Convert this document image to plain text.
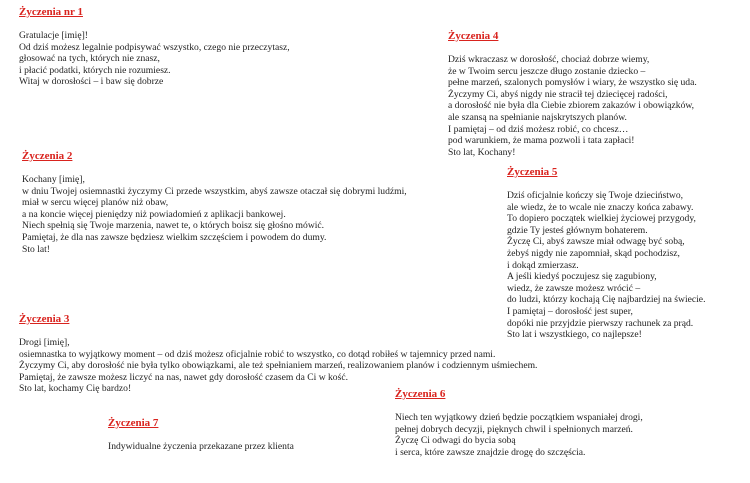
Życzenia nr 1

Gratulacje [imię]!
Od dziś możesz legalnie podpisywać wszystko, czego nie przeczytasz,
głosować na tych, których nie znasz,
i płacić podatki, których nie rozumiesz.
Witaj w dorosłości – i baw się dobrze

Życzenia 2

Kochany [imię],
w dniu Twojej osiemnastki życzymy Ci przede wszystkim, abyś zawsze otaczał się dobrymi ludźmi,
miał w sercu więcej planów niż obaw,
a na koncie więcej pieniędzy niż powiadomień z aplikacji bankowej.
Niech spełnią się Twoje marzenia, nawet te, o których boisz się głośno mówić.
Pamiętaj, że dla nas zawsze będziesz wielkim szczęściem i powodem do dumy.
Sto lat!

Życzenia 3

Drogi [imię],
osiemnastka to wyjątkowy moment – od dziś możesz oficjalnie robić to wszystko, co dotąd robiłeś w tajemnicy przed nami.
Życzymy Ci, aby dorosłość nie była tylko obowiązkami, ale też spełnianiem marzeń, realizowaniem planów i codziennym uśmiechem.
Pamiętaj, że zawsze możesz liczyć na nas, nawet gdy dorosłość czasem da Ci w kość.
Sto lat, kochamy Cię bardzo!

Życzenia 4

Dziś wkraczasz w dorosłość, chociaż dobrze wiemy,
że w Twoim sercu jeszcze długo zostanie dziecko –
pełne marzeń, szalonych pomysłów i wiary, że wszystko się uda.
Życzymy Ci, abyś nigdy nie stracił tej dziecięcej radości,
a dorosłość nie była dla Ciebie zbiorem zakazów i obowiązków,
ale szansą na spełnianie najskrytszych planów.
I pamiętaj – od dziś możesz robić, co chcesz…
pod warunkiem, że mama pozwoli i tata zapłaci!
Sto lat, Kochany!

Życzenia 5

Dziś oficjalnie kończy się Twoje dzieciństwo,
ale wiedz, że to wcale nie znaczy końca zabawy.
To dopiero początek wielkiej życiowej przygody,
gdzie Ty jesteś głównym bohaterem.
Życzę Ci, abyś zawsze miał odwagę być sobą,
żebyś nigdy nie zapomniał, skąd pochodzisz,
i dokąd zmierzasz.
A jeśli kiedyś poczujesz się zagubiony,
wiedz, że zawsze możesz wrócić –
do ludzi, którzy kochają Cię najbardziej na świecie.
I pamiętaj – dorosłość jest super,
dopóki nie przyjdzie pierwszy rachunek za prąd.
Sto lat i wszystkiego, co najlepsze!

Życzenia 6

Niech ten wyjątkowy dzień będzie początkiem wspaniałej drogi,
pełnej dobrych decyzji, pięknych chwil i spełnionych marzeń.
Życzę Ci odwagi do bycia sobą
i serca, które zawsze znajdzie drogę do szczęścia.

Życzenia 7

Indywidualne życzenia przekazane przez klienta
